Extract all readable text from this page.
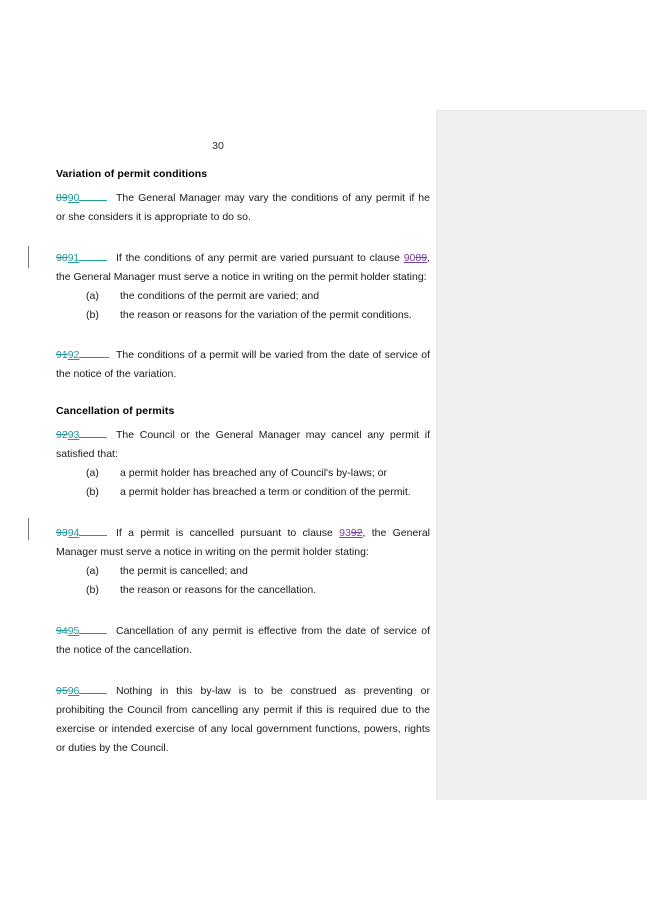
30
Variation of permit conditions

8990	The General Manager may vary the conditions of any permit if he or she considers it is appropriate to do so.

9091	If the conditions of any permit are varied pursuant to clause 9089, the General Manager must serve a notice in writing on the permit holder stating:

(a) the conditions of the permit are varied; and
(b) the reason or reasons for the variation of the permit conditions.

9192	The conditions of a permit will be varied from the date of service of the notice of the variation.

Cancellation of permits

9293	The Council or the General Manager may cancel any permit if satisfied that:

(a) a permit holder has breached any of Council's by-laws; or
(b) a permit holder has breached a term or condition of the permit.

9394	If a permit is cancelled pursuant to clause 9392, the General Manager must serve a notice in writing on the permit holder stating:

(a) the permit is cancelled; and
(b) the reason or reasons for the cancellation.

9495	Cancellation of any permit is effective from the date of service of the notice of the cancellation.

9596	Nothing in this by-law is to be construed as preventing or prohibiting the Council from cancelling any permit if this is required due to the exercise or intended exercise of any local government functions, powers, rights or duties by the Council.
